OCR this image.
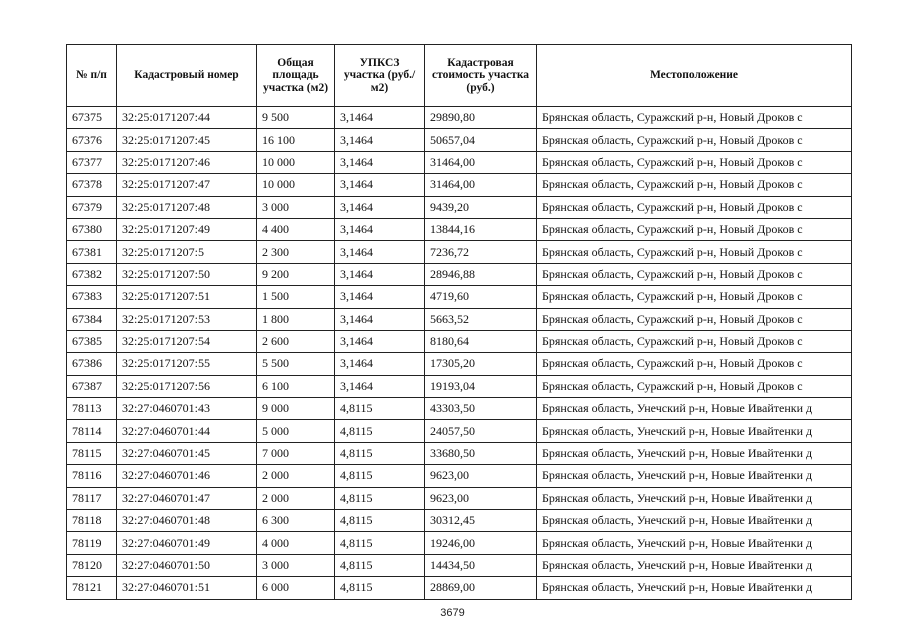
№ п/п	Кадастровый номер	Общая площадь участка (м2)	УПКСЗ участка (руб./м2)	Кадастровая стоимость участка (руб.)	Местоположение
67375	32:25:0171207:44	9 500	3,1464	29890,80	Брянская область, Суражский р-н, Новый Дроков с
67376	32:25:0171207:45	16 100	3,1464	50657,04	Брянская область, Суражский р-н, Новый Дроков с
67377	32:25:0171207:46	10 000	3,1464	31464,00	Брянская область, Суражский р-н, Новый Дроков с
67378	32:25:0171207:47	10 000	3,1464	31464,00	Брянская область, Суражский р-н, Новый Дроков с
67379	32:25:0171207:48	3 000	3,1464	9439,20	Брянская область, Суражский р-н, Новый Дроков с
67380	32:25:0171207:49	4 400	3,1464	13844,16	Брянская область, Суражский р-н, Новый Дроков с
67381	32:25:0171207:5	2 300	3,1464	7236,72	Брянская область, Суражский р-н, Новый Дроков с
67382	32:25:0171207:50	9 200	3,1464	28946,88	Брянская область, Суражский р-н, Новый Дроков с
67383	32:25:0171207:51	1 500	3,1464	4719,60	Брянская область, Суражский р-н, Новый Дроков с
67384	32:25:0171207:53	1 800	3,1464	5663,52	Брянская область, Суражский р-н, Новый Дроков с
67385	32:25:0171207:54	2 600	3,1464	8180,64	Брянская область, Суражский р-н, Новый Дроков с
67386	32:25:0171207:55	5 500	3,1464	17305,20	Брянская область, Суражский р-н, Новый Дроков с
67387	32:25:0171207:56	6 100	3,1464	19193,04	Брянская область, Суражский р-н, Новый Дроков с
78113	32:27:0460701:43	9 000	4,8115	43303,50	Брянская область, Унечский р-н, Новые Ивайтенки д
78114	32:27:0460701:44	5 000	4,8115	24057,50	Брянская область, Унечский р-н, Новые Ивайтенки д
78115	32:27:0460701:45	7 000	4,8115	33680,50	Брянская область, Унечский р-н, Новые Ивайтенки д
78116	32:27:0460701:46	2 000	4,8115	9623,00	Брянская область, Унечский р-н, Новые Ивайтенки д
78117	32:27:0460701:47	2 000	4,8115	9623,00	Брянская область, Унечский р-н, Новые Ивайтенки д
78118	32:27:0460701:48	6 300	4,8115	30312,45	Брянская область, Унечский р-н, Новые Ивайтенки д
78119	32:27:0460701:49	4 000	4,8115	19246,00	Брянская область, Унечский р-н, Новые Ивайтенки д
78120	32:27:0460701:50	3 000	4,8115	14434,50	Брянская область, Унечский р-н, Новые Ивайтенки д
78121	32:27:0460701:51	6 000	4,8115	28869,00	Брянская область, Унечский р-н, Новые Ивайтенки д
3679
